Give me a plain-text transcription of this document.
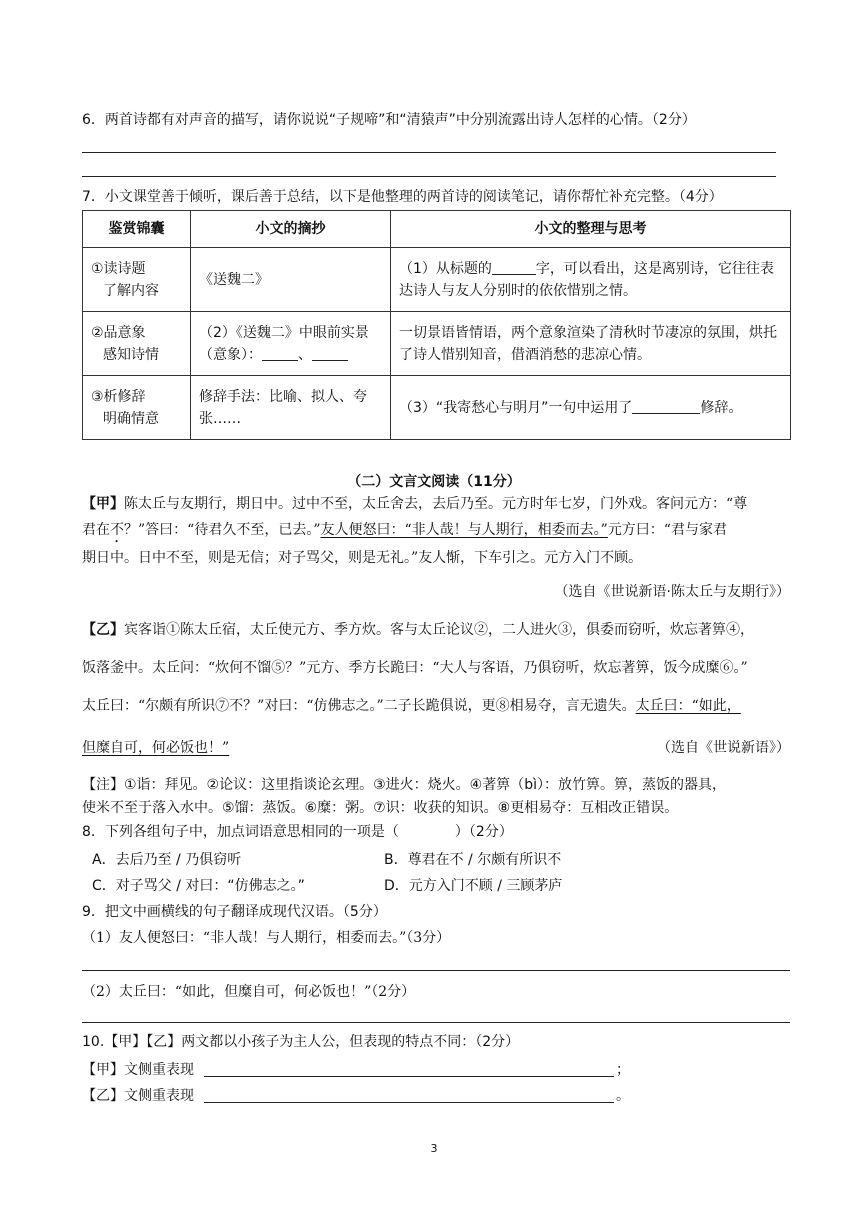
6．两首诗都有对声音的描写，请你说说“子规啼”和“清猿声”中分别流露出诗人怎样的心情。（2分）
7．小文课堂善于倾听，课后善于总结，以下是他整理的两首诗的阅读笔记，请你帮忙补充完整。（4分）
鉴赏锦囊	小文的摘抄	小文的整理与思考

①读诗题
了解内容	《送魏二》	（1）从标题的 字，可以看出，这是离别诗，它往往表达诗人与友人分别时的依依惜别之情。

②品意象
感知诗情	（2）《送魏二》中眼前实景（意象）： 、	一切景语皆情语，两个意象渲染了清秋时节凄凉的氛围，烘托了诗人惜别知音，借酒消愁的悲凉心情。

③析修辞
明确情意	修辞手法：比喻、拟人、夸张……	（3）“我寄愁心与明月”一句中运用了 修辞。
（二）文言文阅读（11分）
【甲】陈太丘与友期行，期日中。过中不至，太丘舍去，去后乃至。元方时年七岁，门外戏。客问元方：“尊
君在不？”答曰：“待君久不至，已去。”友人便怒曰：“非人哉！与人期行，相委而去。”元方曰：“君与家君
期日中。日中不至，则是无信；对子骂父，则是无礼。”友人惭，下车引之。元方入门不顾。
（选自《世说新语·陈太丘与友期行》）
【乙】宾客诣①陈太丘宿，太丘使元方、季方炊。客与太丘论议②，二人进火③，俱委而窃听，炊忘著箅④，
饭落釜中。太丘问：“炊何不馏⑤？”元方、季方长跪曰：“大人与客语，乃俱窃听，炊忘著箅，饭今成糜⑥。”
太丘曰：“尔颇有所识⑦不？”对曰：“仿佛志之。”二子长跪俱说，更⑧相易夺，言无遗失。太丘曰：“如此，
但糜自可，何必饭也！”	（选自《世说新语》）
【注】①诣：拜见。②论议：这里指谈论玄理。③进火：烧火。④著箅（bì）：放竹箅。箅，蒸饭的器具，
使米不至于落入水中。⑤馏：蒸饭。⑥糜：粥。⑦识：收获的知识。⑧更相易夺：互相改正错误。
8．下列各组句子中，加点词语意思相同的一项是（　　　　）（2分）
A．去后乃至 / 乃俱窃听	B．尊君在不 / 尔颇有所识不
C．对子骂父 / 对曰：“仿佛志之。”	D．元方入门不顾 / 三顾茅庐
9．把文中画横线的句子翻译成现代汉语。（5分）
（1）友人便怒曰：“非人哉！与人期行，相委而去。”（3分）
（2）太丘曰：“如此，但糜自可，何必饭也！”（2分）
10.【甲】【乙】两文都以小孩子为主人公，但表现的特点不同：（2分）
【甲】文侧重表现	；
【乙】文侧重表现	。
3
